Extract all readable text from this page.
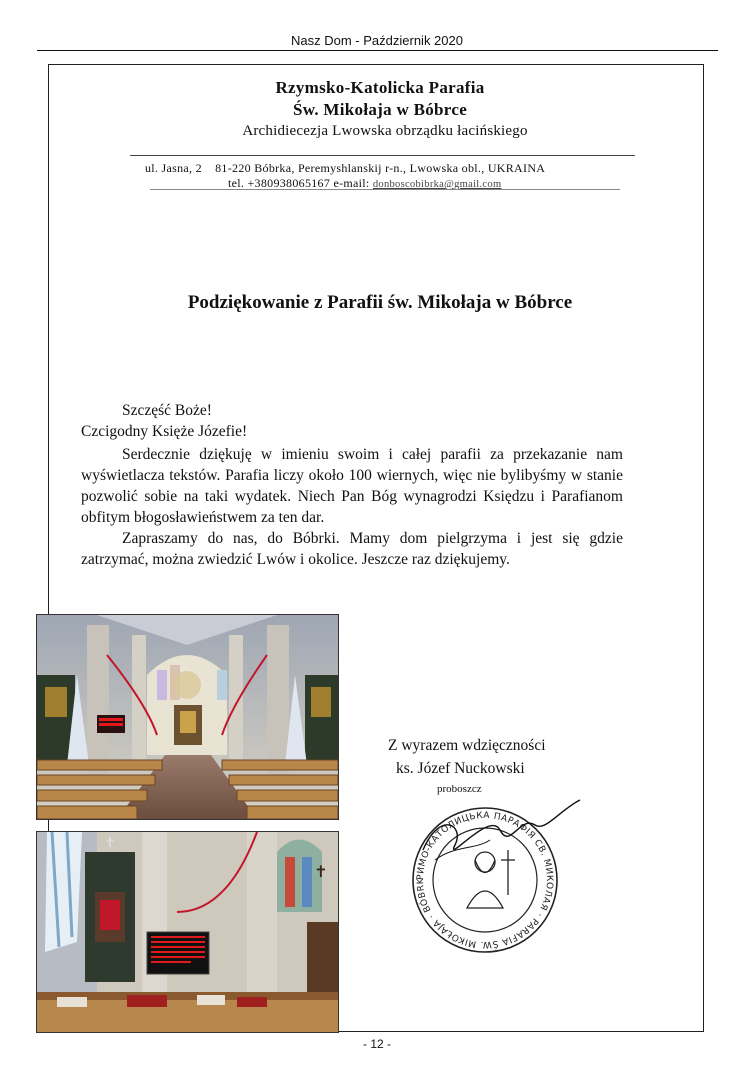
Nasz Dom - Październik 2020
Rzymsko-Katolicka Parafia
Św. Mikołaja w Bóbrce
Archidiecezja Lwowska obrządku łacińskiego
ul. Jasna, 2    81-220 Bóbrka, Peremyshlanskij r-n., Lwowska obl., UKRAINA
tel. +380938065167 e-mail: donboscobibrka@gmail.com
Podziękowanie z Parafii św. Mikołaja w Bóbrce
Szczęść Boże!
Czcigodny Księże Józefie!
Serdecznie dziękuję w imieniu swoim i całej parafii za przekazanie nam wyświetlacza tekstów. Parafia liczy około 100 wiernych, więc nie bylibyśmy w stanie pozwolić sobie na taki wydatek. Niech Pan Bóg wynagrodzi Księdzu i Parafianom obfitym błogosławieństwem za ten dar.
Zapraszamy do nas, do Bóbrki. Mamy dom pielgrzyma i jest się gdzie zatrzymać, można zwiedzić Lwów i okolice. Jeszcze raz dziękujemy.
✝
✝
Z wyrazem wdzięczności
ks. Józef Nuckowski
proboszcz
РИМО-КАТОЛИЦЬКА ПАРАФІЯ СВ. МИКОЛАЯ · PARAFIA ŚW. MIKOŁAJA · BÓBRK
- 12 -
